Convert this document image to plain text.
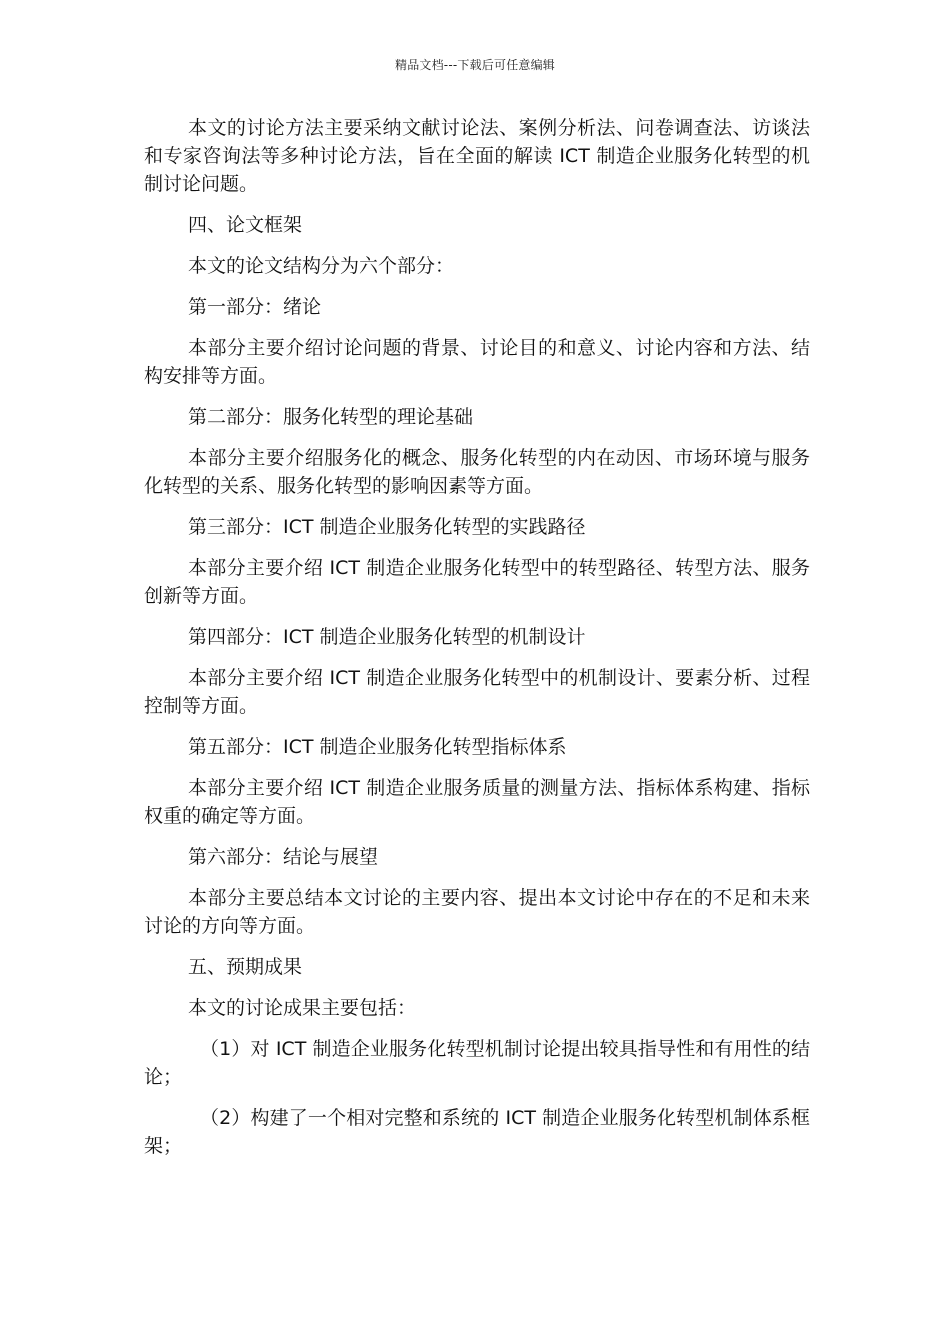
精品文档---下载后可任意编辑

本文的讨论方法主要采纳文献讨论法、案例分析法、问卷调查法、访谈法和专家咨询法等多种讨论方法，旨在全面的解读 ICT 制造企业服务化转型的机制讨论问题。

四、论文框架

本文的论文结构分为六个部分：

第一部分：绪论

本部分主要介绍讨论问题的背景、讨论目的和意义、讨论内容和方法、结构安排等方面。

第二部分：服务化转型的理论基础

本部分主要介绍服务化的概念、服务化转型的内在动因、市场环境与服务化转型的关系、服务化转型的影响因素等方面。

第三部分：ICT 制造企业服务化转型的实践路径

本部分主要介绍 ICT 制造企业服务化转型中的转型路径、转型方法、服务创新等方面。

第四部分：ICT 制造企业服务化转型的机制设计

本部分主要介绍 ICT 制造企业服务化转型中的机制设计、要素分析、过程控制等方面。

第五部分：ICT 制造企业服务化转型指标体系

本部分主要介绍 ICT 制造企业服务质量的测量方法、指标体系构建、指标权重的确定等方面。

第六部分：结论与展望

本部分主要总结本文讨论的主要内容、提出本文讨论中存在的不足和未来讨论的方向等方面。

五、预期成果

本文的讨论成果主要包括：

（1）对 ICT 制造企业服务化转型机制讨论提出较具指导性和有用性的结论；

（2）构建了一个相对完整和系统的 ICT 制造企业服务化转型机制体系框架；
